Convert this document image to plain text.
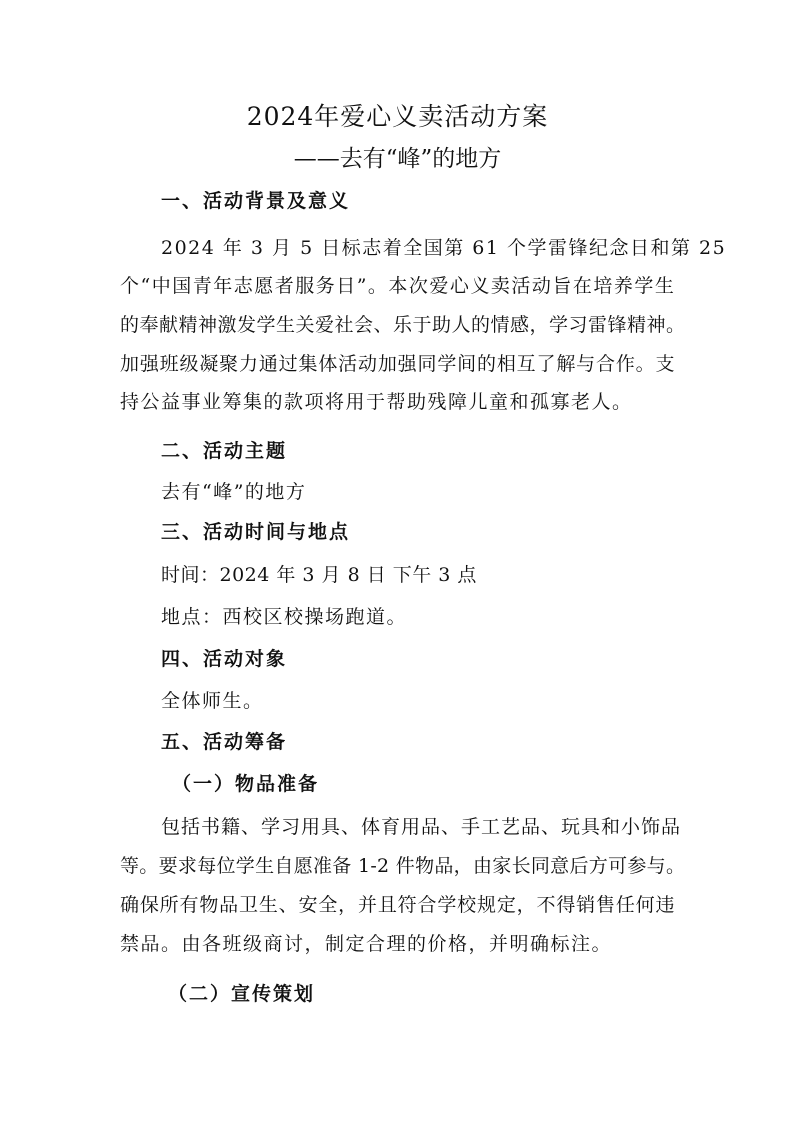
2024年爱心义卖活动方案
——去有“峰”的地方
一、活动背景及意义
2024 年 3 月 5 日标志着全国第 61 个学雷锋纪念日和第 25
个“中国青年志愿者服务日”。本次爱心义卖活动旨在培养学生
的奉献精神激发学生关爱社会、乐于助人的情感，学习雷锋精神。
加强班级凝聚力通过集体活动加强同学间的相互了解与合作。支
持公益事业筹集的款项将用于帮助残障儿童和孤寡老人。
二、活动主题
去有“峰”的地方
三、活动时间与地点
时间：2024 年 3 月 8 日 下午 3 点
地点：西校区校操场跑道。
四、活动对象
全体师生。
五、活动筹备
（一）物品准备
包括书籍、学习用具、体育用品、手工艺品、玩具和小饰品
等。要求每位学生自愿准备 1-2 件物品，由家长同意后方可参与。
确保所有物品卫生、安全，并且符合学校规定，不得销售任何违
禁品。由各班级商讨，制定合理的价格，并明确标注。
（二）宣传策划
